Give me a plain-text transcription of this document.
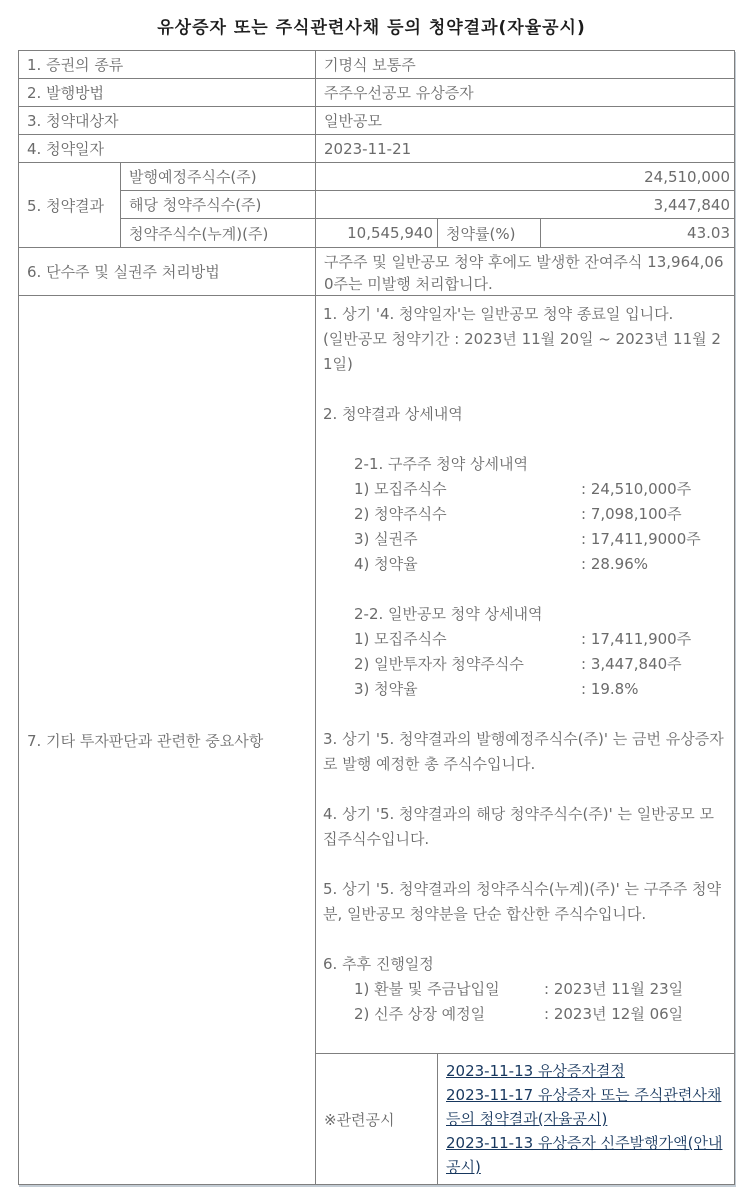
유상증자 또는 주식관련사채 등의 청약결과(자율공시)
1. 증권의 종류	기명식 보통주
2. 발행방법	주주우선공모 유상증자
3. 청약대상자	일반공모
4. 청약일자	2023-11-21
5. 청약결과
발행예정주식수(주)	24,510,000
해당 청약주식수(주)	3,447,840
청약주식수(누계)(주)	10,545,940 청약률(%)	43.03
6. 단수주 및 실권주 처리방법
구주주 및 일반공모 청약 후에도 발생한 잔여주식 13,964,060주는 미발행 처리합니다.
7. 기타 투자판단과 관련한 중요사항
1. 상기 '4. 청약일자'는 일반공모 청약 종료일 입니다.
(일반공모 청약기간 : 2023년 11월 20일 ~ 2023년 11월 21일)
2. 청약결과 상세내역
2-1. 구주주 청약 상세내역
1) 모집주식수	: 24,510,000주
2) 청약주식수	: 7,098,100주
3) 실권주	: 17,411,9000주
4) 청약율	: 28.96%
2-2. 일반공모 청약 상세내역
1) 모집주식수	: 17,411,900주
2) 일반투자자 청약주식수	: 3,447,840주
3) 청약율	: 19.8%
3. 상기 '5. 청약결과의 발행예정주식수(주)' 는 금번 유상증자로 발행 예정한 총 주식수입니다.
4. 상기 '5. 청약결과의 해당 청약주식수(주)' 는 일반공모 모집주식수입니다.
5. 상기 '5. 청약결과의 청약주식수(누계)(주)' 는 구주주 청약분, 일반공모 청약분을 단순 합산한 주식수입니다.
6. 추후 진행일정
1) 환불 및 주금납입일	: 2023년 11월 23일
2) 신주 상장 예정일	: 2023년 12월 06일
※관련공시
2023-11-13 유상증자결정
2023-11-17 유상증자 또는 주식관련사채 등의 청약결과(자율공시)
2023-11-13 유상증자 신주발행가액(안내공시)
